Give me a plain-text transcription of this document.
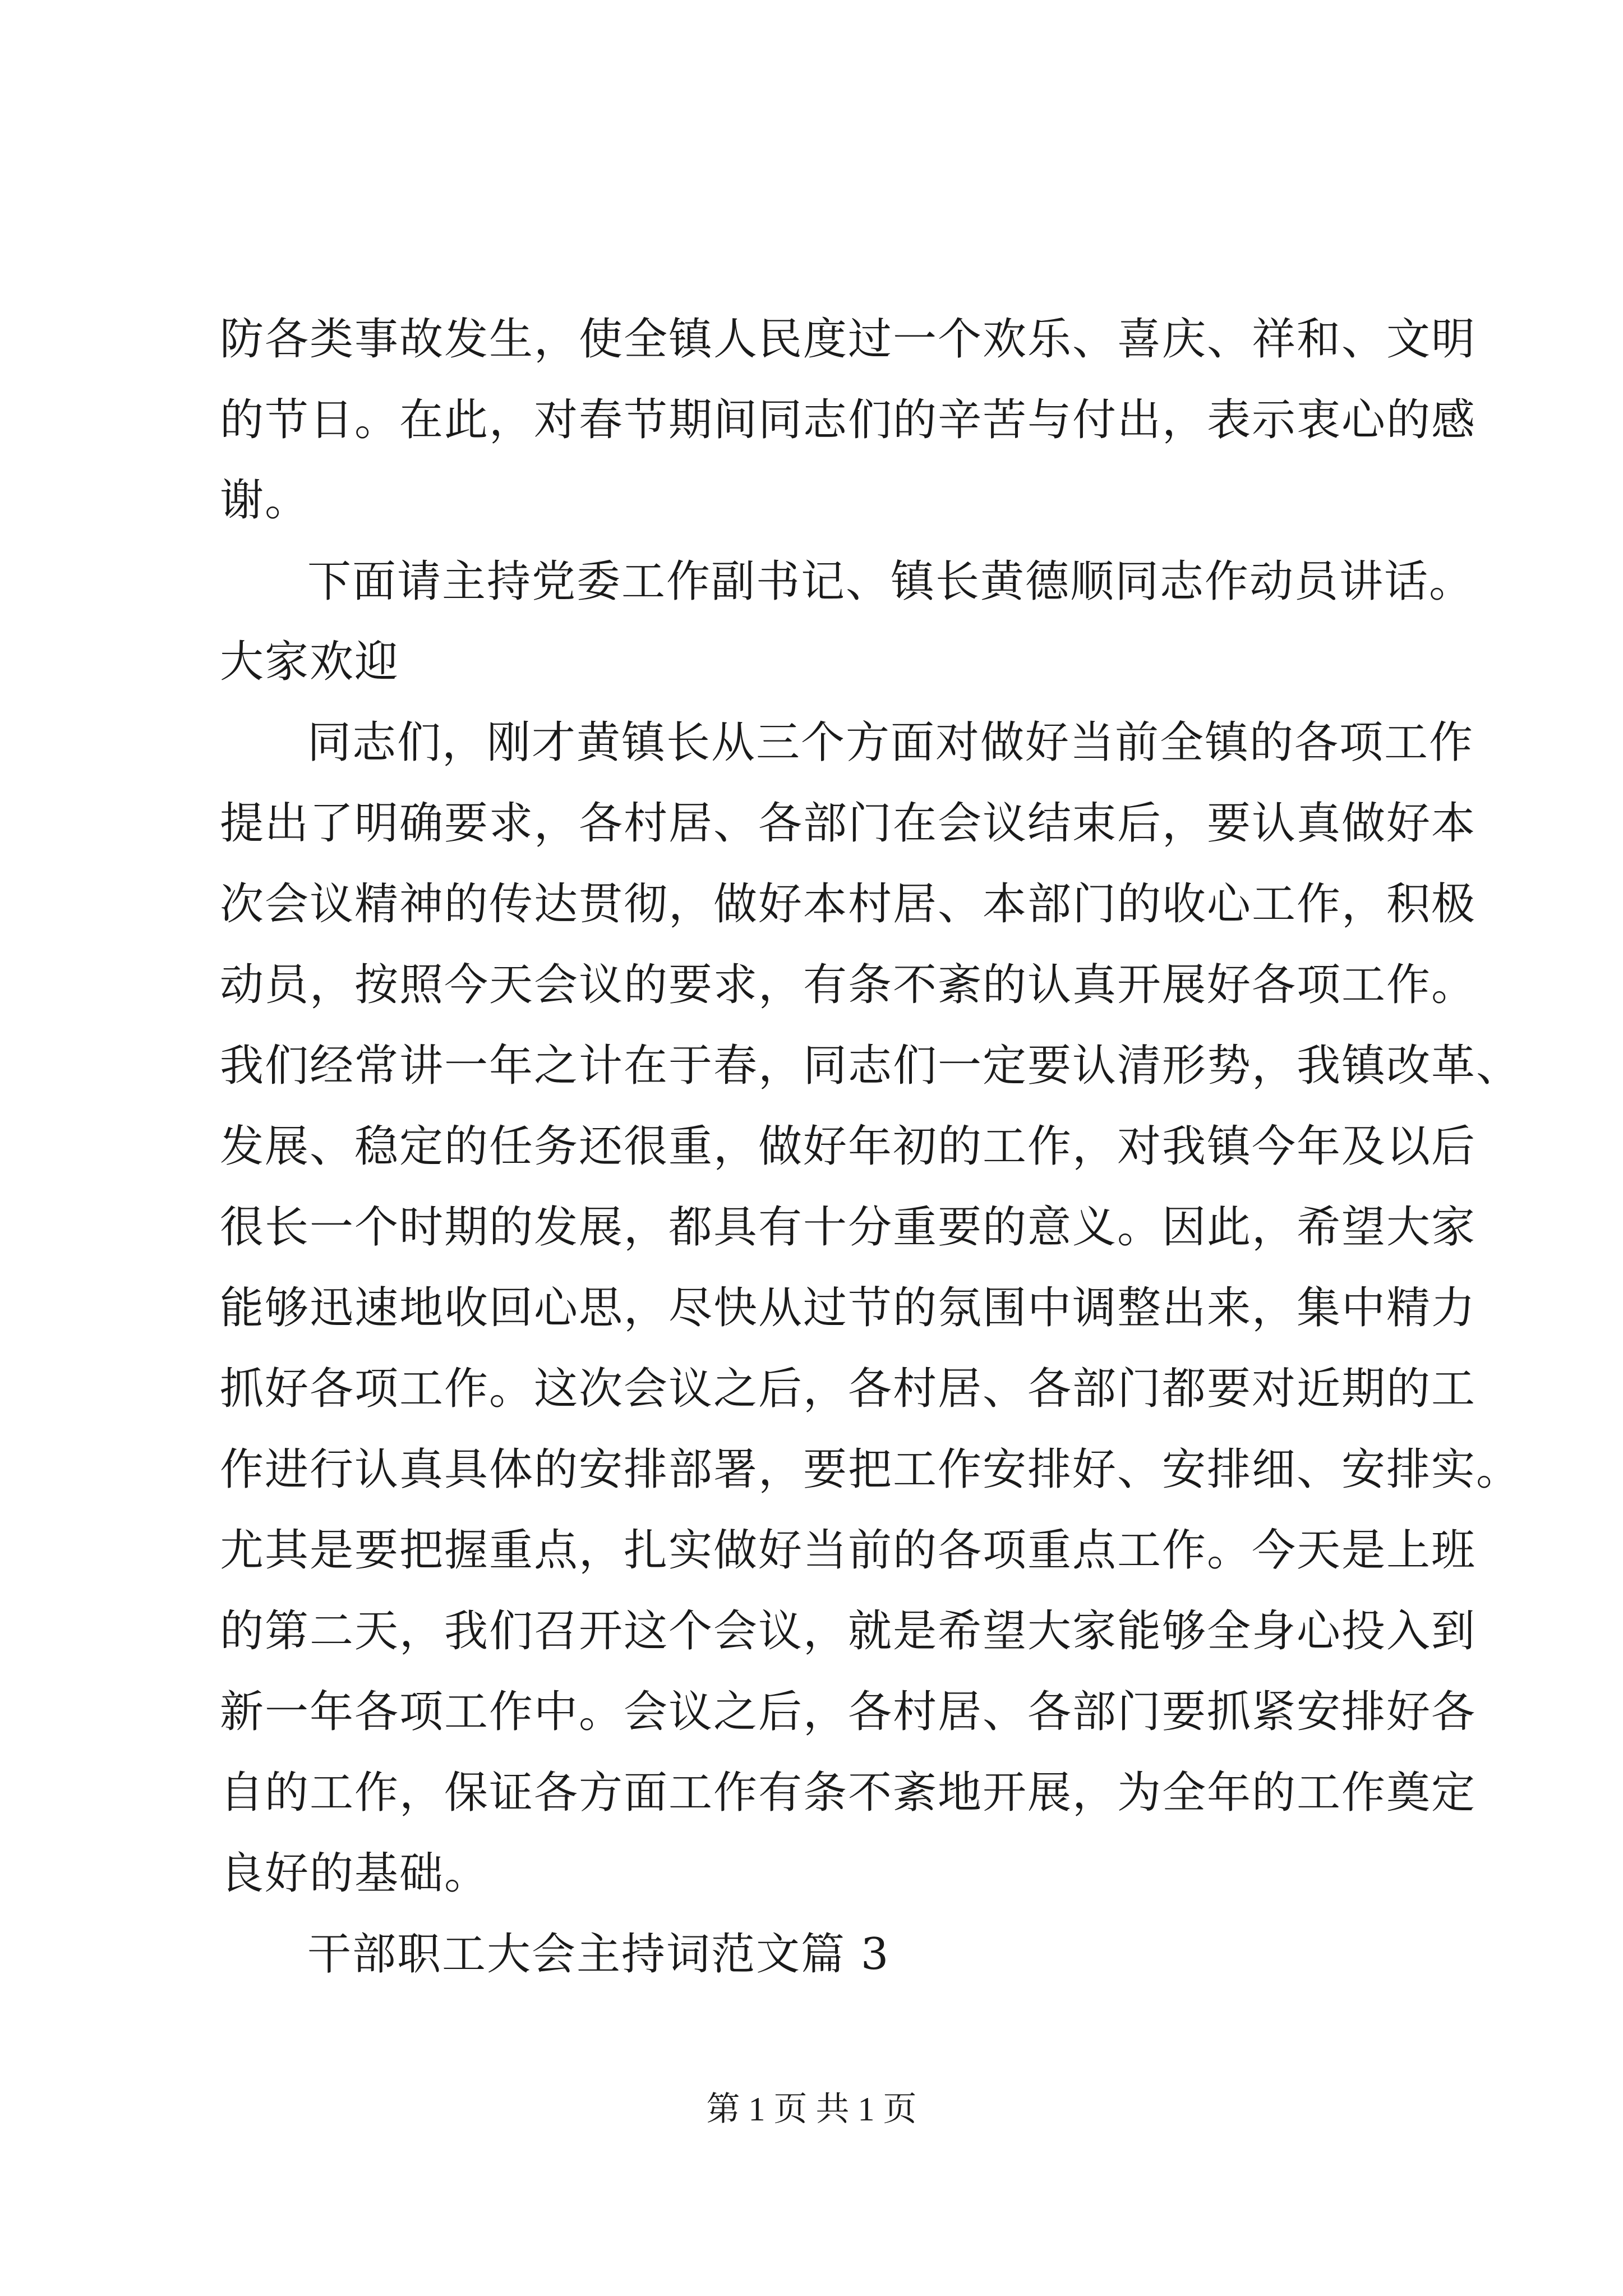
防各类事故发生，使全镇人民度过一个欢乐、喜庆、祥和、文明
的节日。在此，对春节期间同志们的辛苦与付出，表示衷心的感
谢。
下面请主持党委工作副书记、镇长黄德顺同志作动员讲话。
大家欢迎
同志们，刚才黄镇长从三个方面对做好当前全镇的各项工作
提出了明确要求，各村居、各部门在会议结束后，要认真做好本
次会议精神的传达贯彻，做好本村居、本部门的收心工作，积极
动员，按照今天会议的要求，有条不紊的认真开展好各项工作。
我们经常讲一年之计在于春，同志们一定要认清形势，我镇改革、
发展、稳定的任务还很重，做好年初的工作，对我镇今年及以后
很长一个时期的发展，都具有十分重要的意义。因此，希望大家
能够迅速地收回心思，尽快从过节的氛围中调整出来，集中精力
抓好各项工作。这次会议之后，各村居、各部门都要对近期的工
作进行认真具体的安排部署，要把工作安排好、安排细、安排实。
尤其是要把握重点，扎实做好当前的各项重点工作。今天是上班
的第二天，我们召开这个会议，就是希望大家能够全身心投入到
新一年各项工作中。会议之后，各村居、各部门要抓紧安排好各
自的工作，保证各方面工作有条不紊地开展，为全年的工作奠定
良好的基础。
干部职工大会主持词范文篇 3
第 1 页 共 1 页
